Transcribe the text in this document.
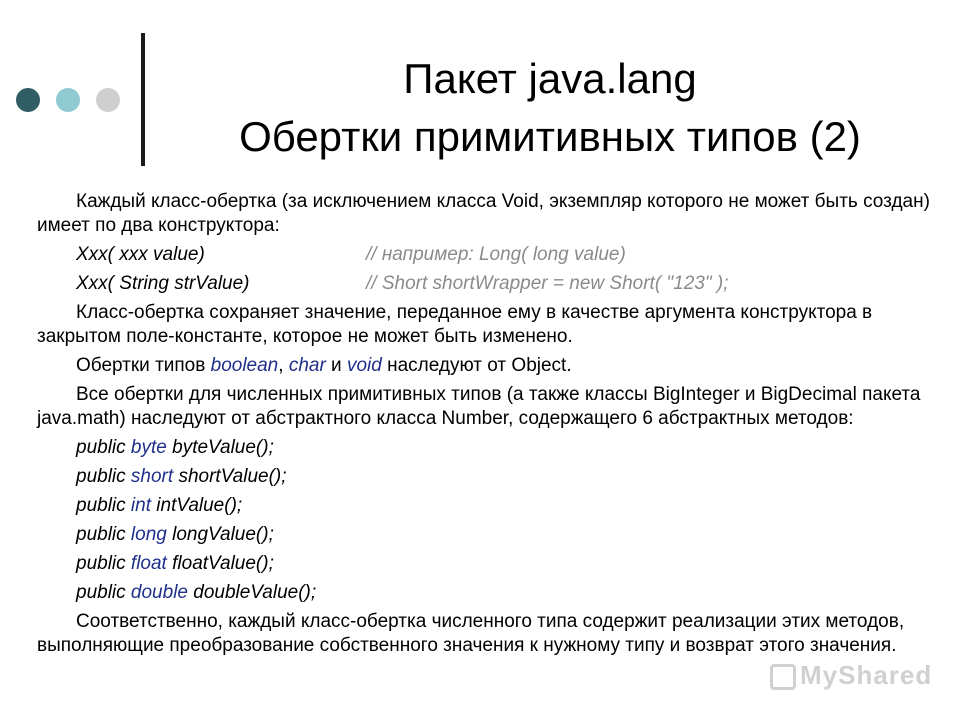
Пакет java.lang
Обертки примитивных типов (2)

Каждый класс-обертка (за исключением класса Void, экземпляр которого не может быть создан) имеет по два конструктора:

Xxx( xxx value)	// например: Long( long value)
Xxx( String strValue)	// Short shortWrapper = new Short( "123" );

Класс-обертка сохраняет значение, переданное ему в качестве аргумента конструктора в закрытом поле-константе, которое не может быть изменено.

Обертки типов boolean, char и void наследуют от Object.

Все обертки для численных примитивных типов (а также классы BigInteger и BigDecimal пакета java.math) наследуют от абстрактного класса Number, содержащего 6 абстрактных методов:

public byte byteValue();
public short shortValue();
public int intValue();
public long longValue();
public float floatValue();
public double doubleValue();

Соответственно, каждый класс-обертка численного типа содержит реализации этих методов, выполняющие преобразование собственного значения к нужному типу и возврат этого значения.

MyShared
